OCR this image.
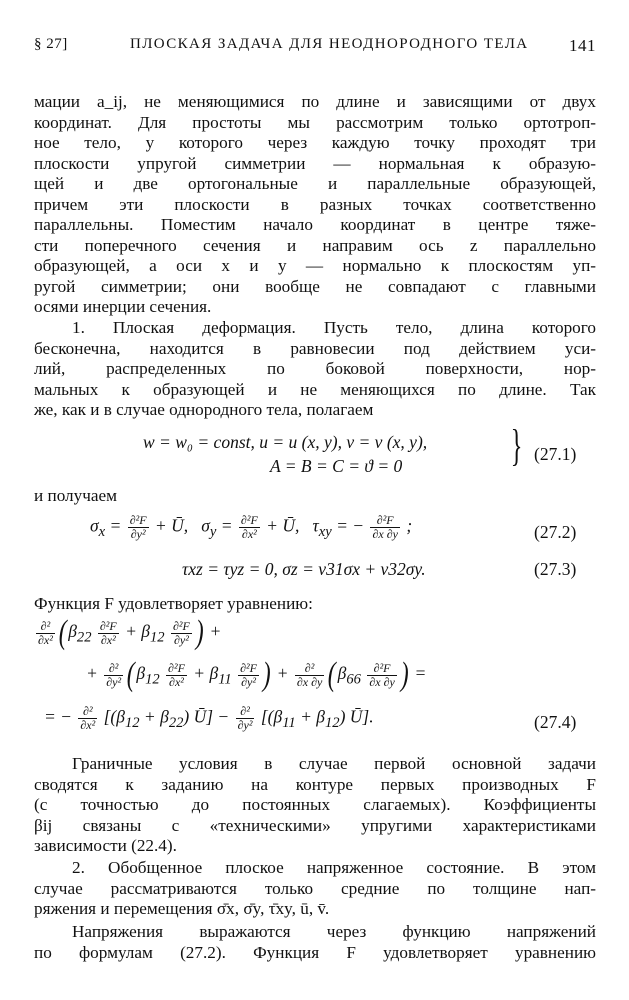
§ 27]	ПЛОСКАЯ ЗАДАЧА ДЛЯ НЕОДНОРОДНОГО ТЕЛА 141
мации a_ij, не меняющимися по длине и зависящими от двух
координат. Для простоты мы рассмотрим только ортотроп-
ное тело, у которого через каждую точку проходят три
плоскости упругой симметрии — нормальная к образую-
щей и две ортогональные и параллельные образующей,
причем эти плоскости в разных точках соответственно
параллельны. Поместим начало координат в центре тяже-
сти поперечного сечения и направим ось z параллельно
образующей, а оси x и y — нормально к плоскостям уп-
ругой симметрии; они вообще не совпадают с главными
осями инерции сечения.
1. Плоская деформация. Пусть тело, длина которого
бесконечна, находится в равновесии под действием уси-
лий, распределенных по боковой поверхности, нор-
мальных к образующей и не меняющихся по длине. Так
же, как и в случае однородного тела, полагаем
w = w₀ = const, u = u (x, y), v = v (x, y),
A = B = C = ϑ = 0 } (27.1)
и получаем
$\sigma_x = \frac{\text{∂²F}}{\text{∂y²}}$ + Ū,   $\sigma_y = \frac{\text{∂²F}}{\text{∂x²}}$ + Ū,   $\tau_{xy}$ = − $\frac{\text{∂²F}}{\partial x \partial y}$ ;	(27.2)
τxz = τyz = 0, σz = ν31σx + ν32σy.	(27.3)
Функция F удовлетворяет уравнению:
$\frac{\text{∂²}}{\text{∂x²}} (\beta_{22} \frac{\text{∂²F}}{\text{∂x²}} + \beta_{12} \frac{\text{∂²F}}{\text{∂y²}}$ ) +
+ $\frac{\text{∂²}}{\text{∂y²}} (\beta_{12} \frac{\text{∂²F}}{\text{∂x²}} + \beta_{11} \frac{\text{∂²F}}{\text{∂y²}}$ ) + $\frac{\text{∂²}}{\partial x \partial y} (\beta_{66} \frac{\text{∂²F}}{\partial x \partial y}$ ) =
= − $\frac{\text{∂²}}{\text{∂x²}} [(\beta_{12} + \beta_{22})$ Ū] − $\frac{\text{∂²}}{\text{∂y²}} [(\beta_{11} + \beta_{12})$ Ū].	(27.4)
Граничные условия в случае первой основной задачи
сводятся к заданию на контуре первых производных F
(с точностью до постоянных слагаемых). Коэффициенты
βij связаны с «техническими» упругими характеристиками
зависимости (22.4).
2. Обобщенное плоское напряженное состояние. В этом
случае рассматриваются только средние по толщине нап-
ряжения и перемещения σ̄x, σ̄y, τ̄xy, ū, v̄.
Напряжения выражаются через функцию напряжений
по формулам (27.2). Функция F удовлетворяет уравнению
